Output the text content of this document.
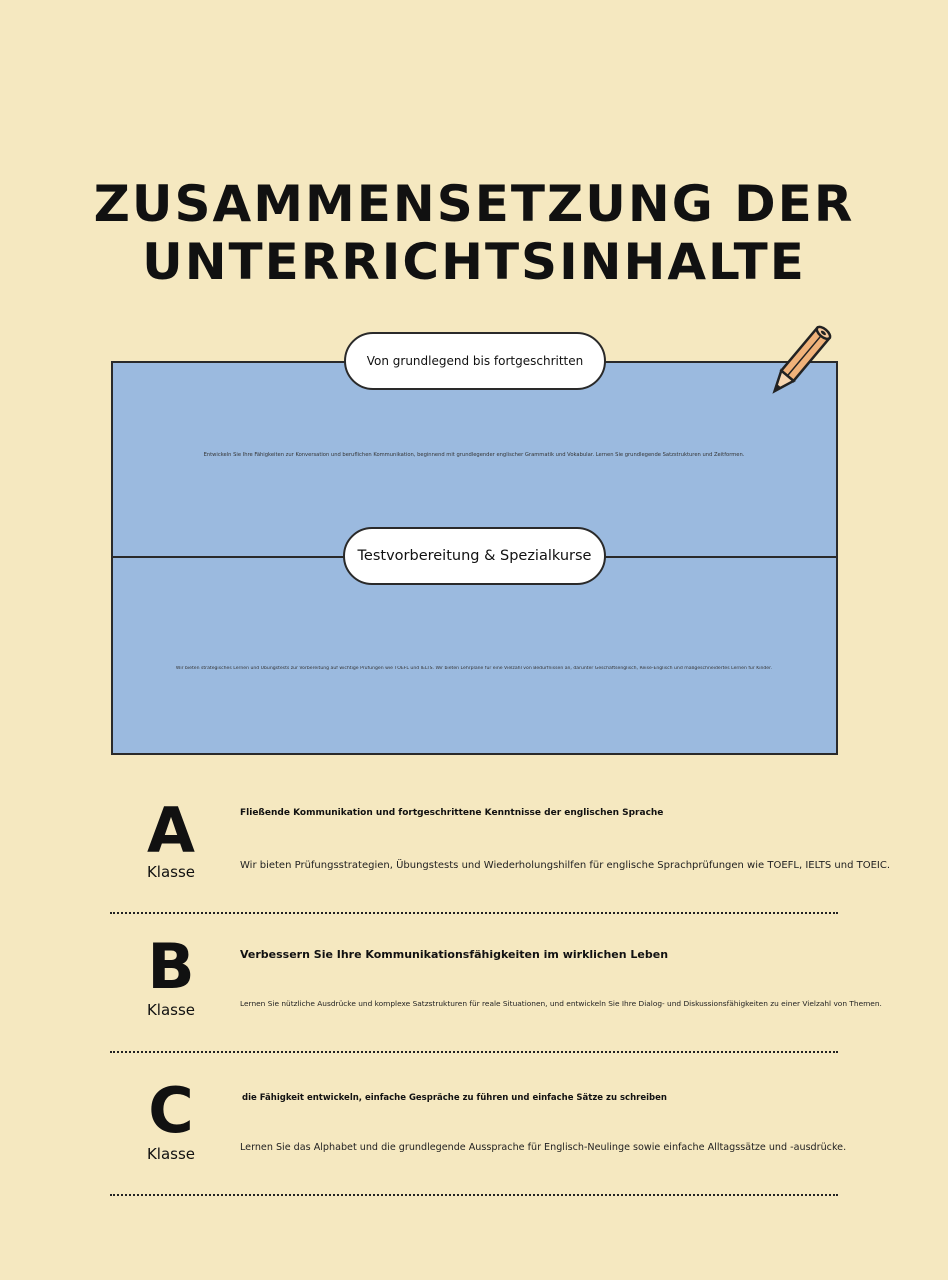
ZUSAMMENSETZUNG DER
UNTERRICHTSINHALTE
Entwickeln Sie Ihre Fähigkeiten zur Konversation und beruflichen Kommunikation, beginnend mit grundlegender englischer Grammatik und Vokabular. Lernen Sie grundlegende Satzstrukturen und Zeitformen.
Wir bieten strategisches Lernen und Übungstests zur Vorbereitung auf wichtige Prüfungen wie TOEFL und IELTS. Wir bieten Lehrpläne für eine Vielzahl von Bedürfnissen an, darunter Geschäftsenglisch, Reise-Englisch und maßgeschneidertes Lernen für Kinder.
Von grundlegend bis fortgeschritten
Testvorbereitung & Spezialkurse
A
Klasse
Fließende Kommunikation und fortgeschrittene Kenntnisse der englischen Sprache
Wir bieten Prüfungsstrategien, Übungstests und Wiederholungshilfen für englische Sprachprüfungen wie TOEFL, IELTS und TOEIC.
B
Klasse
Verbessern Sie Ihre Kommunikationsfähigkeiten im wirklichen Leben
Lernen Sie nützliche Ausdrücke und komplexe Satzstrukturen für reale Situationen, und entwickeln Sie Ihre Dialog- und Diskussionsfähigkeiten zu einer Vielzahl von Themen.
C
Klasse
die Fähigkeit entwickeln, einfache Gespräche zu führen und einfache Sätze zu schreiben
Lernen Sie das Alphabet und die grundlegende Aussprache für Englisch-Neulinge sowie einfache Alltagssätze und -ausdrücke.
